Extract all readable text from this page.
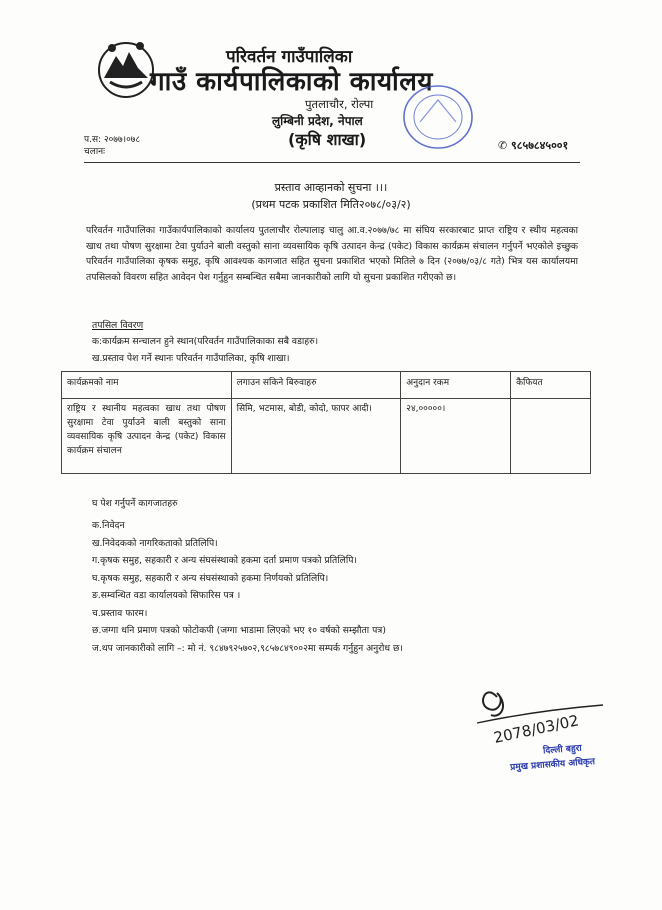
परिवर्तन गाउँपालिका
गाउँ कार्यपालिकाको कार्यालय
पुतलाचौर, रोल्पा
लुम्बिनी प्रदेश, नेपाल
(कृषि शाखा)
प.स: २०७७।०७८
चलानः	✆ ९८५७८४५००१
प्रस्ताव आव्हानको सुचना ।।।
(प्रथम पटक प्रकाशित मिति२०७८/०३/२)
परिवर्तन गाउँपालिका गाउँकार्यपालिकाको कार्यालय पुतलाचौर रोल्पालाइ चालु आ.व.२०७७/७८ मा संघिय सरकारबाट प्राप्त राष्ट्रिय र स्थीय महत्वका खाध तथा पोषण सुरक्षामा टेवा पुर्याउने बाली वस्तुको साना व्यवसायिक कृषि उत्पादन केन्द्र (पकेट) विकास कार्यक्रम संचालन गर्नुपर्ने भएकोले इच्छुक परिवर्तन गाउँपालिका कृषक समुह, कृषि आवश्यक कागजात सहित सुचना प्रकाशित भएको मितिले ७ दिन (२०७७/०३/८ गते) भित्र यस कार्यालयमा तपसिलको विवरण सहित आवेदन पेश गर्नुहुन सम्बन्धित सबैमा जानकारीको लागि यो सुचना प्रकाशित गरीएको छ।
तपसिल विवरण
क:कार्यक्रम सन्चालन हुने स्थान(परिवर्तन गाउँपालिकाका सबै वडाहरु।
ख.प्रस्ताव पेश गर्ने स्थानः परिवर्तन गाउँपालिका, कृषि शाखा।
कार्यक्रमको नाम	लगाउन सकिने बिरुवाहरु	अनुदान रकम	कैफियत
राष्ट्रिय र स्थानीय महत्वका खाध तथा पोषण सुरक्षामा टेवा पुर्याउने बाली बस्तुको साना व्यवसायिक कृषि उत्पादन केन्द्र (पकेट) विकास कार्यक्रम संचालन	सिमि, भटमास, बोडी, कोदो, फापर आदी।	२४,०००००।	
घ पेश गर्नुपर्ने कागजातहरु
क.निवेदन
ख.निवेदकको नागरिकताको प्रतिलिपि।
ग.कृषक समुह, सहकारी र अन्य संघसंस्थाको हकमा दर्ता प्रमाण पत्रको प्रतिलिपि।
घ.कृषक समुह, सहकारी र अन्य संघसंस्थाको हकमा निर्णयको प्रतिलिपि।
ङ.सम्वन्धित वडा कार्यालयको सिफारिस पत्र ।
च.प्रस्ताव फारम।
छ.जग्गा धनि प्रमाण पत्रको फोटोकपी (जग्गा भाडामा लिएको भए १० वर्षको सम्झौता पत्र)
ज.थप जानकारीको लागि –: मो नं. ९८४७९२५७०२,९८५७८४९००२मा सम्पर्क गर्नुहुन अनुरोध छ।
2078/03/02
दिल्ली बहुरा
प्रमुख प्रशासकीय अधिकृत
